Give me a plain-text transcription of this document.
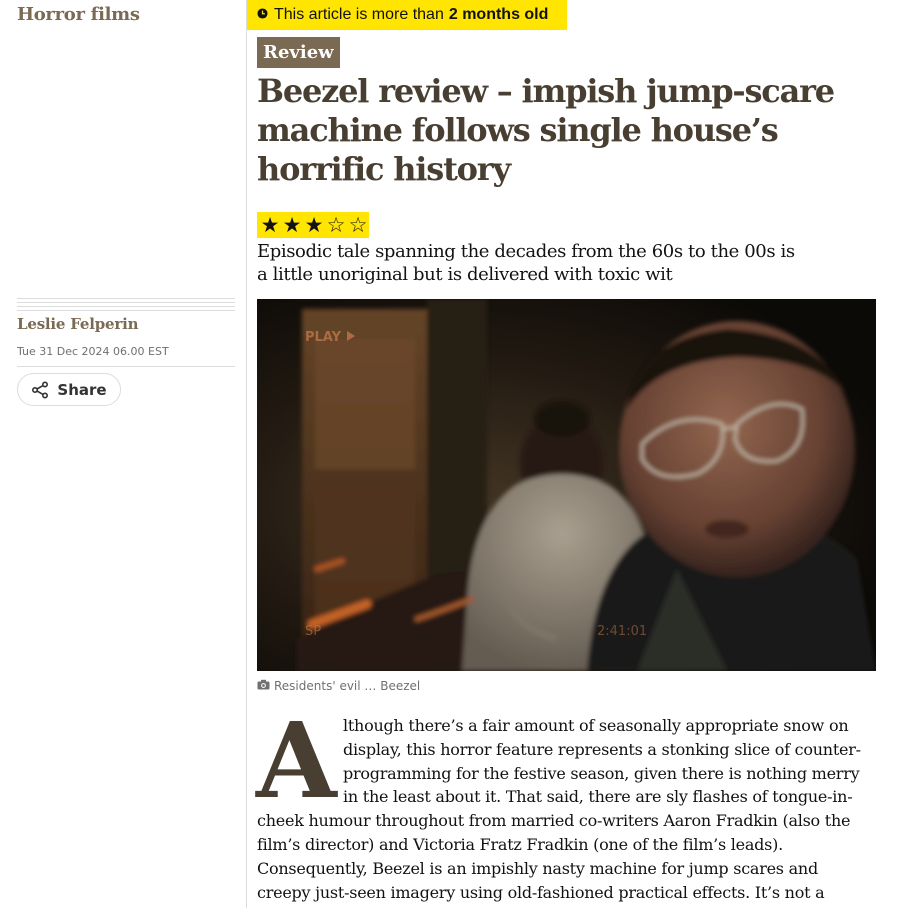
Horror films
Leslie Felperin
Tue 31 Dec 2024 06.00 EST
Share
This article is more than 2 months old
Review
Beezel review – impish jump-scare machine follows single house’s horrific history
★ ★ ★ ☆ ☆

Episodic tale spanning the decades from the 60s to the 00s is a little unoriginal but is delivered with toxic wit

PLAY
SP	2:41:01
Residents' evil … Beezel
A lthough there’s a fair amount of seasonally appropriate snow on display, this horror feature represents a stonking slice of counter-programming for the festive season, given there is nothing merry in the least about it. That said, there are sly flashes of tongue-in-cheek humour throughout from married co-writers Aaron Fradkin (also the film’s director) and Victoria Fratz Fradkin (one of the film’s leads). Consequently, Beezel is an impishly nasty machine for jump scares and creepy just-seen imagery using old-fashioned practical effects. It’s not a
